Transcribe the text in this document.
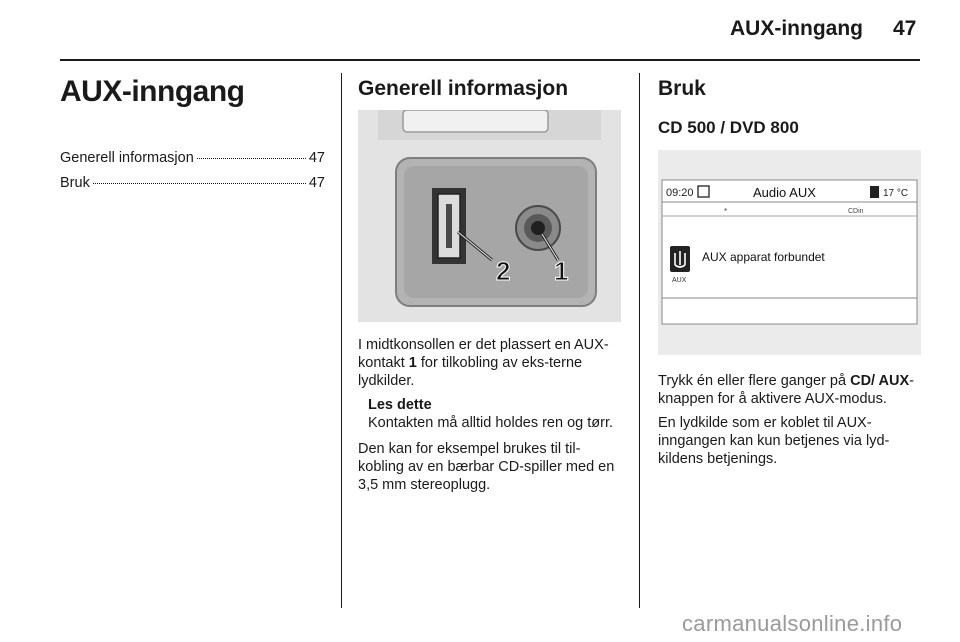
AUX-inngang 47
AUX-inngang
Generell informasjon	47
Bruk	47
Generell informasjon
2 1

I midtkonsollen er det plassert en AUX-kontakt 1 for tilkobling av eks-terne lydkilder.

Les dette
Kontakten må alltid holdes ren og tørr.

Den kan for eksempel brukes til til-kobling av en bærbar CD-spiller med en 3,5 mm stereoplugg.

Bruk
CD 500 / DVD 800
09:20	Audio AUX	17 °C
*	CDin
AUX
AUX apparat forbundet

Trykk én eller flere ganger på CD/ AUX-knappen for å aktivere AUX-modus.

En lydkilde som er koblet til AUX-inngangen kan kun betjenes via lyd-kildens betjenings.

carmanualsonline.info
